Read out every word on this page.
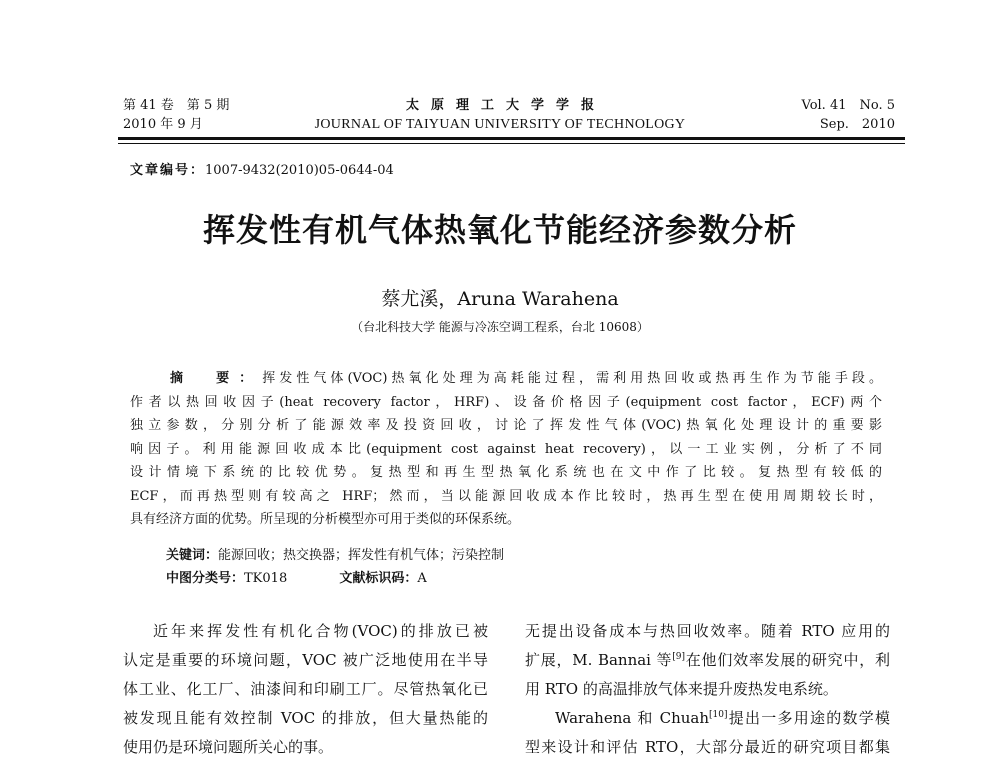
第 41 卷　第 5 期
2010 年 9 月
太原理工大学学报
JOURNAL OF TAIYUAN UNIVERSITY OF TECHNOLOGY
Vol. 41　No. 5
Sep.　2010
文章编号：1007-9432(2010)05-0644-04
挥发性有机气体热氧化节能经济参数分析
蔡尤溪，Aruna Warahena
（台北科技大学 能源与冷冻空调工程系，台北 10608）
摘　要：挥发性气体(VOC)热氧化处理为高耗能过程，需利用热回收或热再生作为节能手段。
作者以热回收因子(heat recovery factor，HRF)、设备价格因子(equipment cost factor，ECF)两个
独立参数，分别分析了能源效率及投资回收，讨论了挥发性气体(VOC)热氧化处理设计的重要影
响因子。利用能源回收成本比(equipment cost against heat recovery)，以一工业实例，分析了不同
设计情境下系统的比较优势。复热型和再生型热氧化系统也在文中作了比较。复热型有较低的
ECF，而再热型则有较高之 HRF；然而，当以能源回收成本作比较时，热再生型在使用周期较长时，
具有经济方面的优势。所呈现的分析模型亦可用于类似的环保系统。
关键词：能源回收；热交换器；挥发性有机气体；污染控制
中图分类号：TK018	文献标识码：A
近年来挥发性有机化合物(VOC)的排放已被
认定是重要的环境问题，VOC 被广泛地使用在半导
体工业、化工厂、油漆间和印刷工厂。尽管热氧化已
被发现且能有效控制 VOC 的排放，但大量热能的
使用仍是环境问题所关心的事。
无提出设备成本与热回收效率。随着 RTO 应用的
扩展，M. Bannai 等[9]在他们效率发展的研究中，利
用 RTO 的高温排放气体来提升废热发电系统。
Warahena 和 Chuah[10]提出一多用途的数学模
型来设计和评估 RTO，大部分最近的研究项目都集
